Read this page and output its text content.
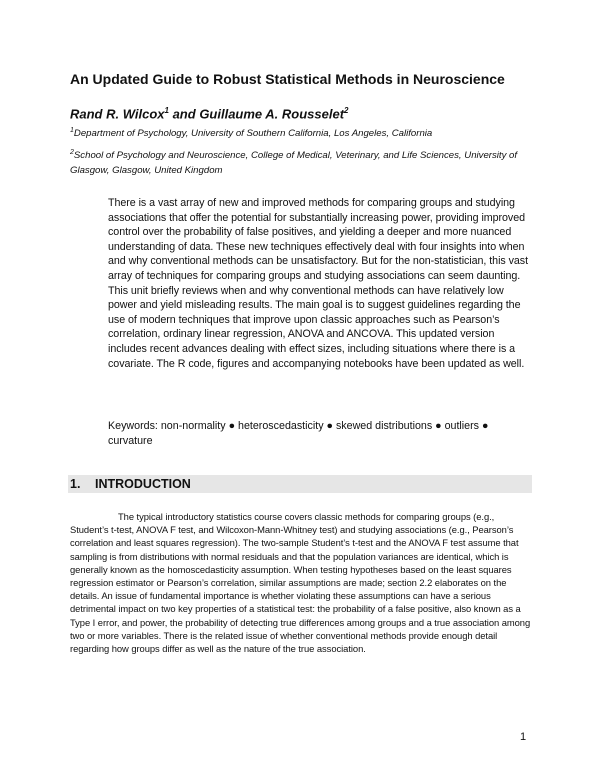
An Updated Guide to Robust Statistical Methods in Neuroscience
Rand R. Wilcox$^1$ and Guillaume A. Rousselet$^2$
$^1$Department of Psychology, University of Southern California, Los Angeles, California
$^2$School of Psychology and Neuroscience, College of Medical, Veterinary, and Life Sciences, University of Glasgow, Glasgow, United Kingdom

There is a vast array of new and improved methods for comparing groups and studying associations that offer the potential for substantially increasing power, providing improved control over the probability of false positives, and yielding a deeper and more nuanced understanding of data. These new techniques effectively deal with four insights into when and why conventional methods can be unsatisfactory. But for the non-statistician, this vast array of techniques for comparing groups and studying associations can seem daunting. This unit briefly reviews when and why conventional methods can have relatively low power and yield misleading results. The main goal is to suggest guidelines regarding the use of modern techniques that improve upon classic approaches such as Pearson’s correlation, ordinary linear regression, ANOVA and ANCOVA. This updated version includes recent advances dealing with effect sizes, including situations where there is a covariate. The R code, figures and accompanying notebooks have been updated as well.

Keywords: non-normality ● heteroscedasticity ● skewed distributions ● outliers ● curvature

1. INTRODUCTION

The typical introductory statistics course covers classic methods for comparing groups (e.g., Student’s t-test, ANOVA F test, and Wilcoxon-Mann-Whitney test) and studying associations (e.g., Pearson’s correlation and least squares regression). The two-sample Student’s t-test and the ANOVA F test assume that sampling is from distributions with normal residuals and that the population variances are identical, which is generally known as the homoscedasticity assumption. When testing hypotheses based on the least squares regression estimator or Pearson’s correlation, similar assumptions are made; section 2.2 elaborates on the details. An issue of fundamental importance is whether violating these assumptions can have a serious detrimental impact on two key properties of a statistical test: the probability of a false positive, also known as a Type I error, and power, the probability of detecting true differences among groups and a true association among two or more variables. There is the related issue of whether conventional methods provide enough detail regarding how groups differ as well as the nature of the true association.

1
